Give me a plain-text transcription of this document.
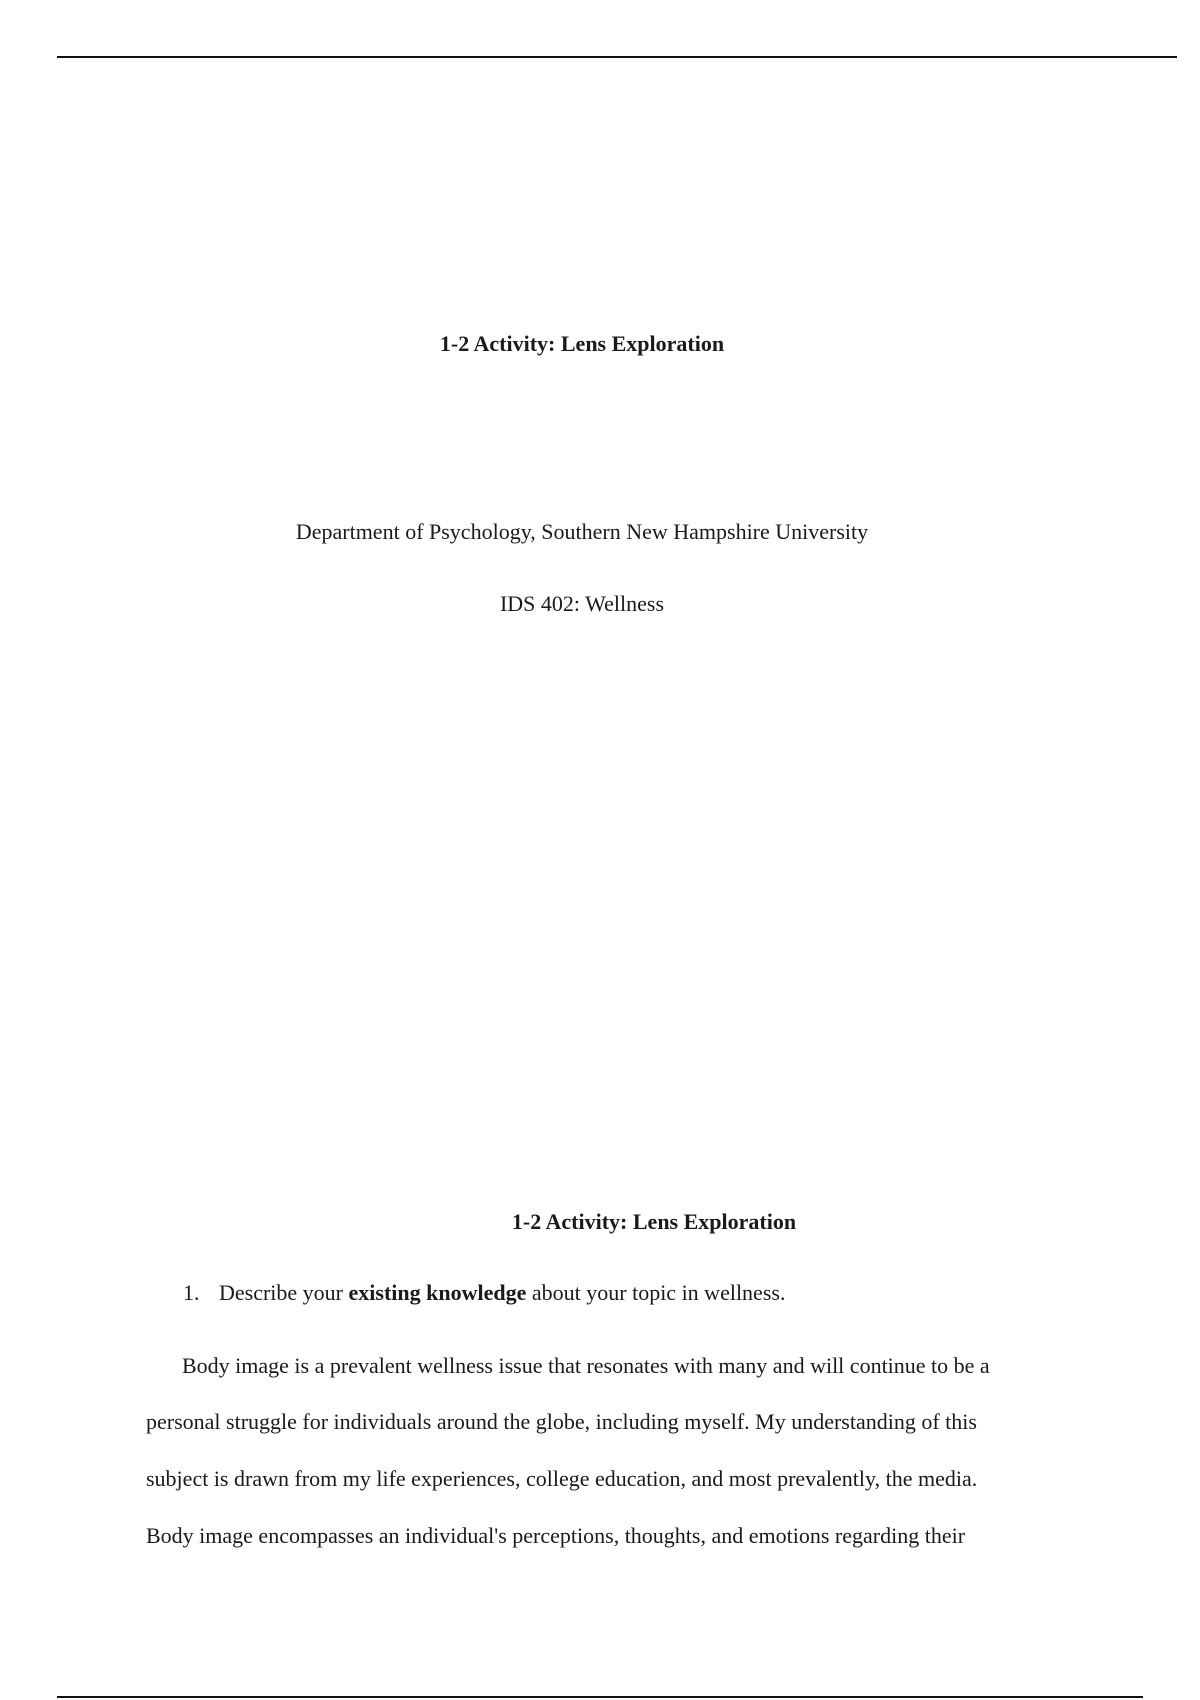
1-2 Activity: Lens Exploration
Department of Psychology, Southern New Hampshire University
IDS 402: Wellness
1-2 Activity: Lens Exploration
1. Describe your existing knowledge about your topic in wellness.
Body image is a prevalent wellness issue that resonates with many and will continue to be a
personal struggle for individuals around the globe, including myself. My understanding of this
subject is drawn from my life experiences, college education, and most prevalently, the media.
Body image encompasses an individual's perceptions, thoughts, and emotions regarding their
